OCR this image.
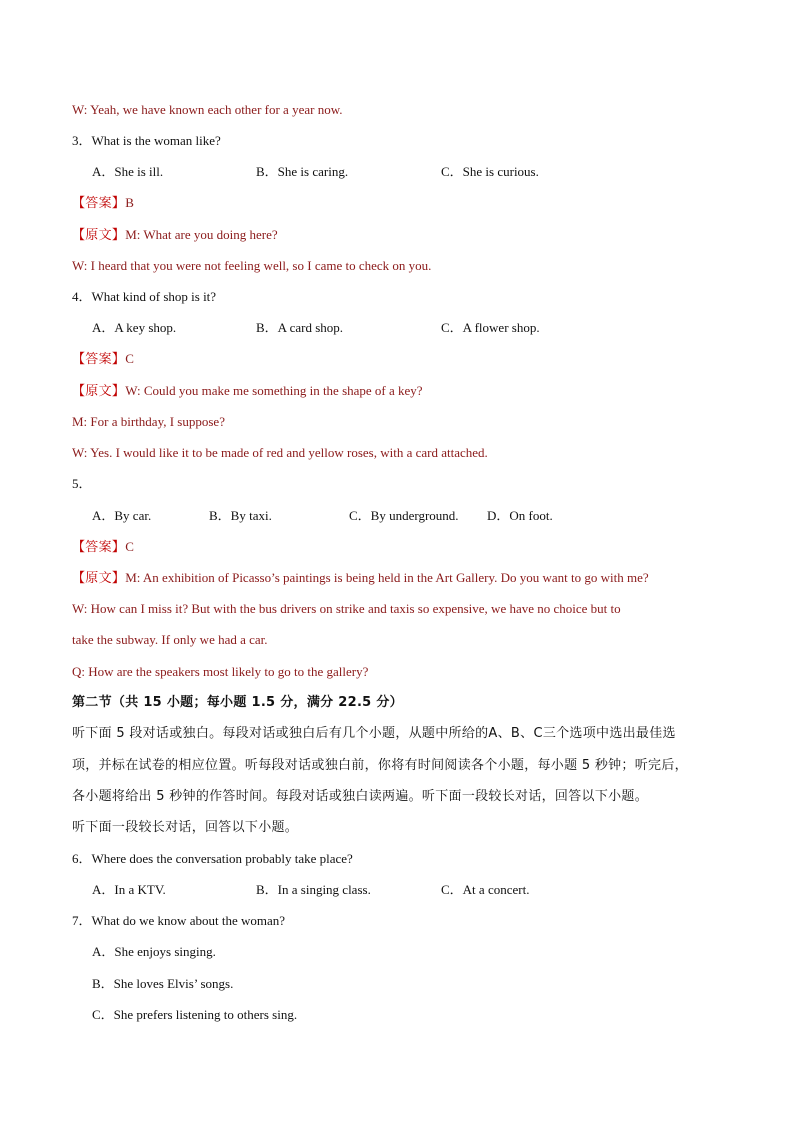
W: Yeah, we have known each other for a year now.
3．What is the woman like?
A．She is ill.	B．She is caring.	C．She is curious.
【答案】B
【原文】M: What are you doing here?
W: I heard that you were not feeling well, so I came to check on you.
4．What kind of shop is it?
A．A key shop.	B．A card shop.	C．A flower shop.
【答案】C
【原文】W: Could you make me something in the shape of a key?
M: For a birthday, I suppose?
W: Yes. I would like it to be made of red and yellow roses, with a card attached.
5．
A．By car.	B．By taxi.	C．By underground. D．On foot.
【答案】C
【原文】M: An exhibition of Picasso’s paintings is being held in the Art Gallery. Do you want to go with me?
W: How can I miss it? But with the bus drivers on strike and taxis so expensive, we have no choice but to
take the subway. If only we had a car.
Q: How are the speakers most likely to go to the gallery?
第二节（共 15 小题；每小题 1.5 分，满分 22.5 分）
听下面 5 段对话或独白。每段对话或独白后有几个小题，从题中所给的A、B、C三个选项中选出最佳选
项，并标在试卷的相应位置。听每段对话或独白前，你将有时间阅读各个小题，每小题 5 秒钟；听完后，
各小题将给出 5 秒钟的作答时间。每段对话或独白读两遍。听下面一段较长对话，回答以下小题。
听下面一段较长对话，回答以下小题。
6．Where does the conversation probably take place?
A．In a KTV.	B．In a singing class.	C．At a concert.
7．What do we know about the woman?
A．She enjoys singing.
B．She loves Elvis’ songs.
C．She prefers listening to others sing.
